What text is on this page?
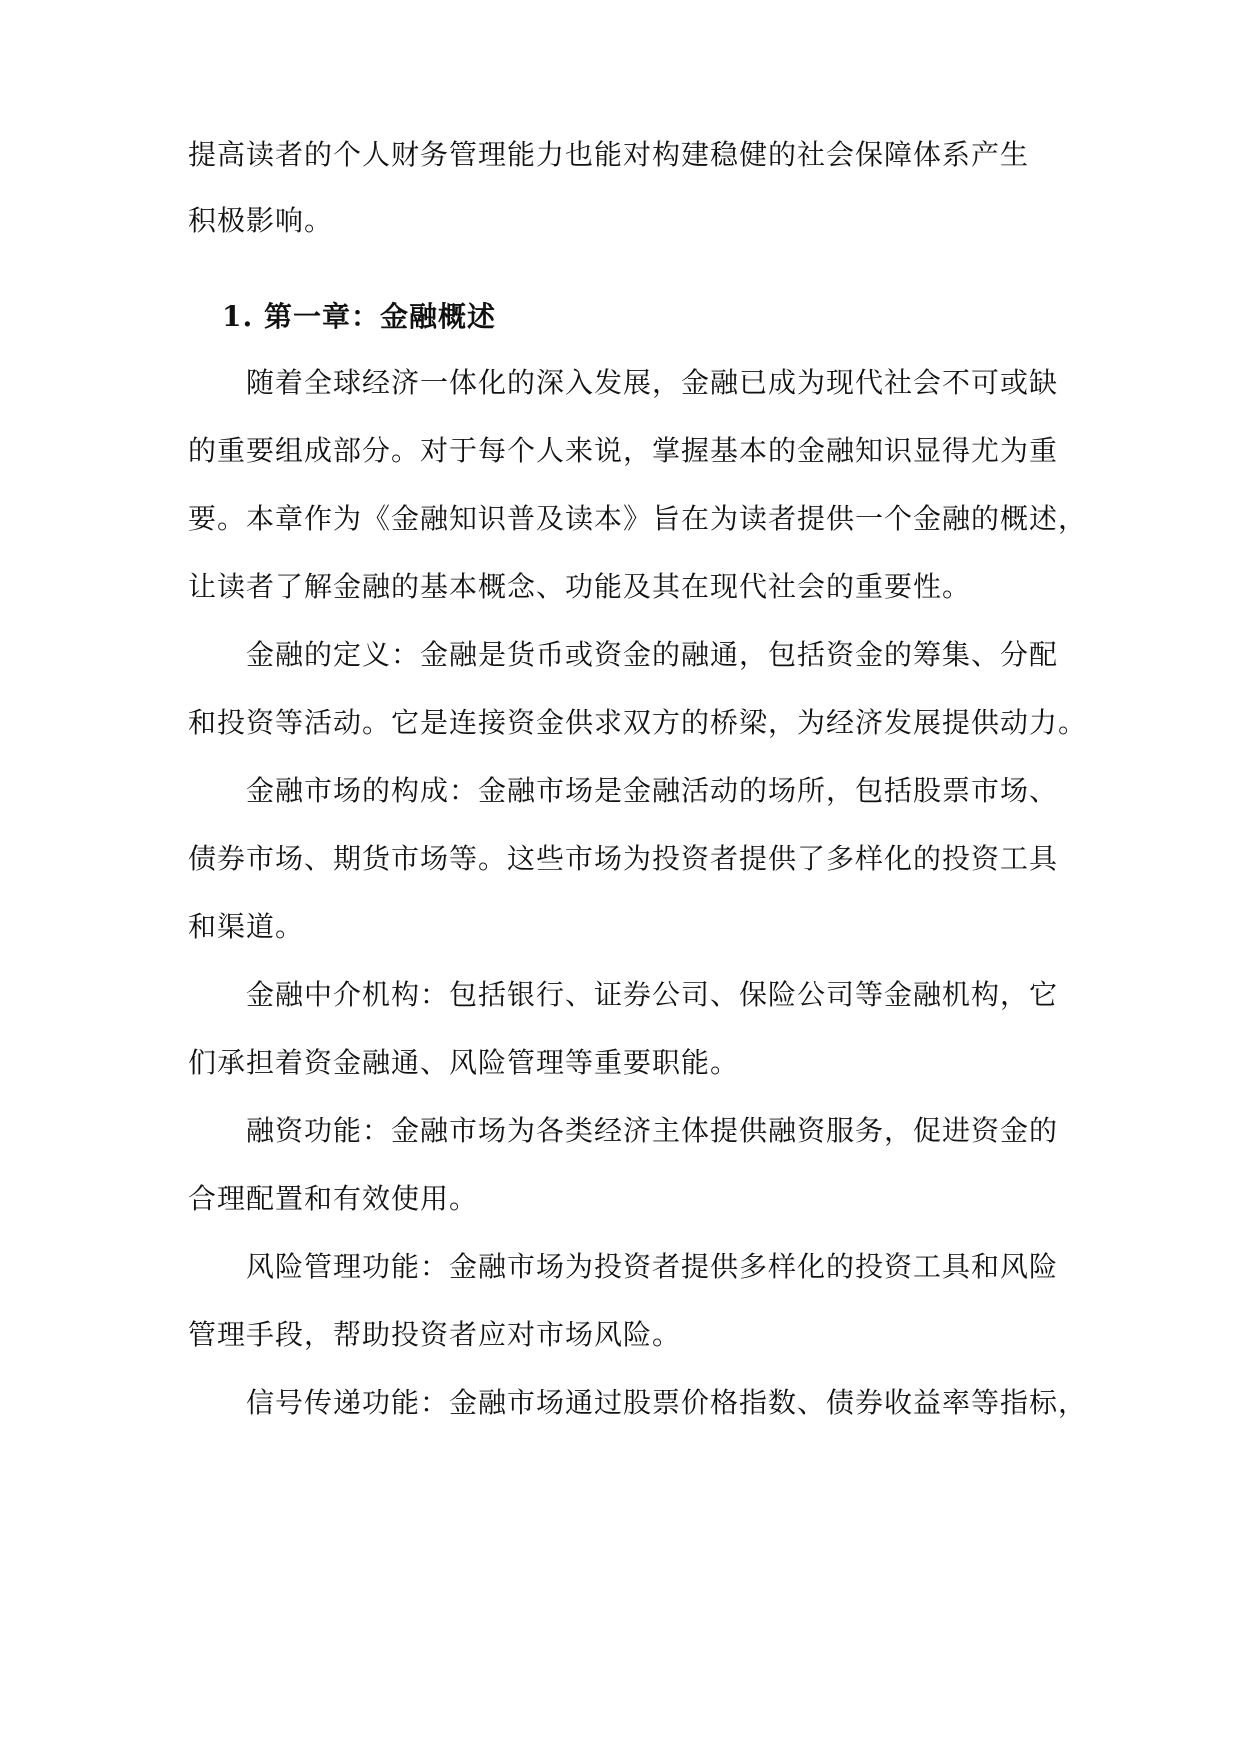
提高读者的个人财务管理能力也能对构建稳健的社会保障体系产生
积极影响。
1. 第一章：金融概述
随着全球经济一体化的深入发展，金融已成为现代社会不可或缺
的重要组成部分。对于每个人来说，掌握基本的金融知识显得尤为重
要。本章作为《金融知识普及读本》旨在为读者提供一个金融的概述，
让读者了解金融的基本概念、功能及其在现代社会的重要性。
金融的定义：金融是货币或资金的融通，包括资金的筹集、分配
和投资等活动。它是连接资金供求双方的桥梁，为经济发展提供动力。
金融市场的构成：金融市场是金融活动的场所，包括股票市场、
债券市场、期货市场等。这些市场为投资者提供了多样化的投资工具
和渠道。
金融中介机构：包括银行、证券公司、保险公司等金融机构，它
们承担着资金融通、风险管理等重要职能。
融资功能：金融市场为各类经济主体提供融资服务，促进资金的
合理配置和有效使用。
风险管理功能：金融市场为投资者提供多样化的投资工具和风险
管理手段，帮助投资者应对市场风险。
信号传递功能：金融市场通过股票价格指数、债券收益率等指标，
